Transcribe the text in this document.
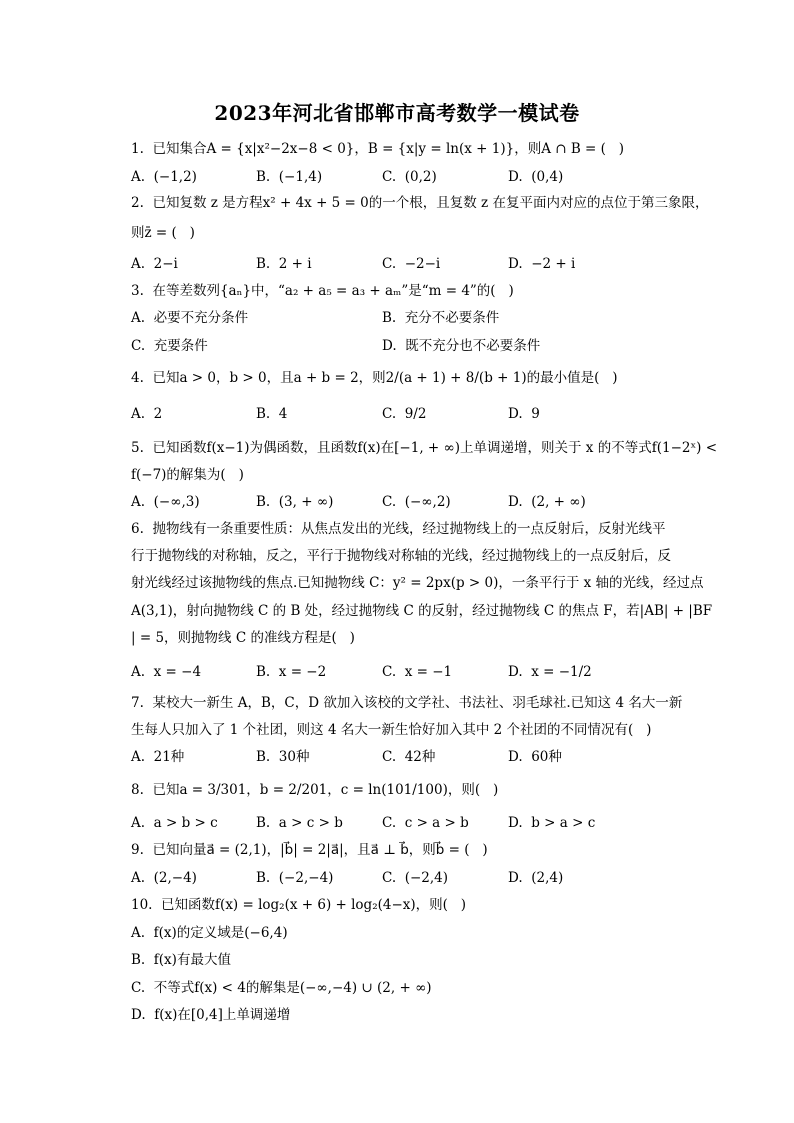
2023年河北省邯郸市高考数学一模试卷
1.  已知集合A = {x|x²−2x−8 < 0}，B = {x|y = ln(x + 1)}，则A ∩ B = (   )
A.  (−1,2)	B.  (−1,4)	C.  (0,2)	D.  (0,4)
2.  已知复数 z 是方程x² + 4x + 5 = 0的一个根，且复数 z 在复平面内对应的点位于第三象限，
则z̄ = (   )
A.  2−i	B.  2 + i	C.  −2−i	D.  −2 + i
3.  在等差数列{aₙ}中，“a₂ + a₅ = a₃ + aₘ”是“m = 4”的(   )
A.  必要不充分条件	B.  充分不必要条件
C.  充要条件	D.  既不充分也不必要条件
4.  已知a > 0，b > 0，且a + b = 2，则2/(a + 1) + 8/(b + 1)的最小值是(   )
A.  2	B.  4	C.  9/2	D.  9
5.  已知函数f(x−1)为偶函数，且函数f(x)在[−1, + ∞)上单调递增，则关于 x 的不等式f(1−2ˣ) <
f(−7)的解集为(   )
A.  (−∞,3)	B.  (3, + ∞)	C.  (−∞,2)	D.  (2, + ∞)
6.  抛物线有一条重要性质：从焦点发出的光线，经过抛物线上的一点反射后，反射光线平
行于抛物线的对称轴，反之，平行于抛物线对称轴的光线，经过抛物线上的一点反射后，反
射光线经过该抛物线的焦点.已知抛物线 C：y² = 2px(p > 0)，一条平行于 x 轴的光线，经过点
A(3,1)，射向抛物线 C 的 B 处，经过抛物线 C 的反射，经过抛物线 C 的焦点 F，若|AB| + |BF
| = 5，则抛物线 C 的准线方程是(   )
A.  x = −4	B.  x = −2	C.  x = −1	D.  x = −1/2
7.  某校大一新生 A，B，C，D 欲加入该校的文学社、书法社、羽毛球社.已知这 4 名大一新
生每人只加入了 1 个社团，则这 4 名大一新生恰好加入其中 2 个社团的不同情况有(   )
A.  21种	B.  30种	C.  42种	D.  60种
8.  已知a = 3/301，b = 2/201，c = ln(101/100)，则(   )
A.  a > b > c	B.  a > c > b	C.  c > a > b	D.  b > a > c
9.  已知向量a⃗ = (2,1)，|b⃗| = 2|a⃗|，且a⃗ ⊥ b⃗，则b⃗ = (   )
A.  (2,−4)	B.  (−2,−4)	C.  (−2,4)	D.  (2,4)
10.  已知函数f(x) = log₂(x + 6) + log₂(4−x)，则(   )
A.  f(x)的定义域是(−6,4)
B.  f(x)有最大值
C.  不等式f(x) < 4的解集是(−∞,−4) ∪ (2, + ∞)
D.  f(x)在[0,4]上单调递增
